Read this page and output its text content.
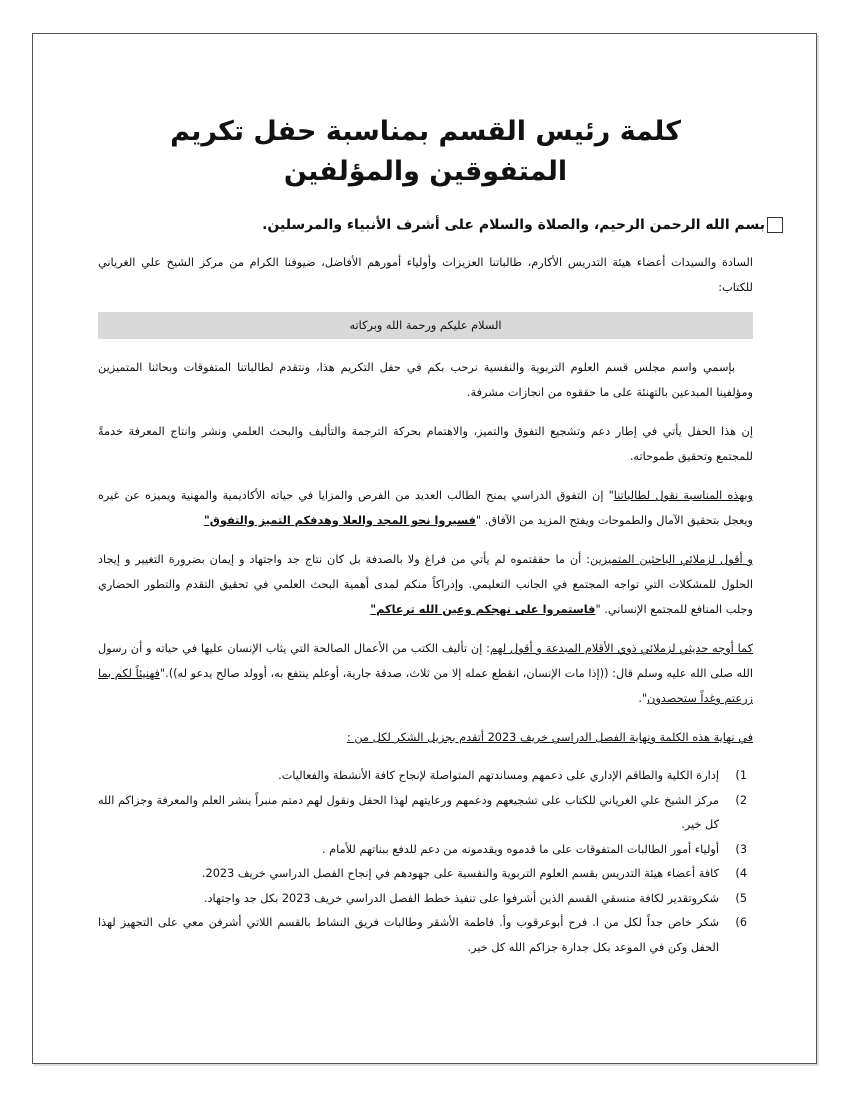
كلمة رئيس القسم بمناسبة حفل تكريم المتفوقين والمؤلفين
بسم الله الرحمن الرحيم، والصلاة والسلام على أشرف الأنبياء والمرسلين.
السادة والسيدات أعضاء هيئة التدريس الأكارم، طالباتنا العزيزات وأولياء أمورهم الأفاضل، ضيوفنا الكرام من مركز الشيخ علي الغرياني للكتاب:
السلام عليكم ورحمة الله وبركاته

بإسمي واسم مجلس قسم العلوم التربوية والنفسية نرحب بكم في حفل التكريم هذا، ونتقدم لطالباتنا المتفوقات وبحاثنا المتميزين ومؤلفينا المبدعين بالتهنئة على ما حققوه من انجازات مشرفة.

إن هذا الحفل يأتي في إطار دعم وتشجيع التفوق والتميز، والاهتمام بحركة الترجمة والتأليف والبحث العلمي ونشر وانتاج المعرفة خدمةً للمجتمع وتحقيق طموحاته.

وبهذه المناسبة نقول لطالباتنا" إن التفوق الدراسي يمنح الطالب العديد من الفرص والمزايا في حياته الأكاديمية والمهنية ويميزه عن غيره ويعجل بتحقيق الآمال والطموحات ويفتح المزيد من الآفاق. "فسيروا نحو المجد والعلا وهدفكم التميز والتفوق"

و أقول لزملائي الباحثين المتميزين: أن ما حققتموه لم يأتي من فراغ ولا بالصدفة بل كان نتاج جد واجتهاد و إيمان بضرورة التغيير و إيجاد الحلول للمشكلات التي تواجه المجتمع في الجانب التعليمي. وإدراكاً منكم لمدى أهمية البحث العلمي في تحقيق التقدم والتطور الحضاري وجلب المنافع للمجتمع الإنساني. "فاستمروا على نهجكم وعين الله ترعاكم"

كما أوجه حديثي لزملائي ذوي الأقلام المبدعة و أقول لهم: إن تأليف الكتب من الأعمال الصالحة التي يثاب الإنسان عليها في حياته و أن رسول الله صلى الله عليه وسلم قال: ((إذا مات الإنسان، انقطع عمله إلا من ثلاث، صدقة جارية، أوعلم ينتفع به، أوولد صالح يدعو له))."فهنيئاً لكم بما زرعتم وغداً ستحصدون".

في نهاية هذه الكلمة ونهاية الفصل الدراسي خريف 2023 أتقدم بجزيل الشكر لكل من :
1)
إدارة الكلية والطاقم الإداري على دعمهم ومساندتهم المتواصلة لإنجاح كافة الأنشطة والفعاليات.
2)
مركز الشيخ علي الغرياني للكتاب على تشجيعهم ودعمهم ورعايتهم لهذا الحفل ونقول لهم دمتم منبراً ينشر العلم والمعرفة وجزاكم الله كل خير.
3)
أولياء أمور الطالبات المتفوقات على ما قدموه ويقدمونه من دعم للدفع ببناتهم للأمام .
4)
كافة أعضاء هيئة التدريس بقسم العلوم التربوية والنفسية على جهودهم في إنجاح الفصل الدراسي خريف 2023.
5)
شكروتقدير لكافة منسقي القسم الذين أشرفوا على تنفيذ خطط الفصل الدراسي خريف 2023 بكل جد واجتهاد.
6)
شكر خاص جداً لكل من ا. فرح أبوعرقوب وأ. فاطمة الأشقر وطالبات فريق النشاط بالقسم اللاتي أشرفن معي على التجهيز لهذا الحفل وكن في الموعد بكل جدارة جزاكم الله كل خير.
